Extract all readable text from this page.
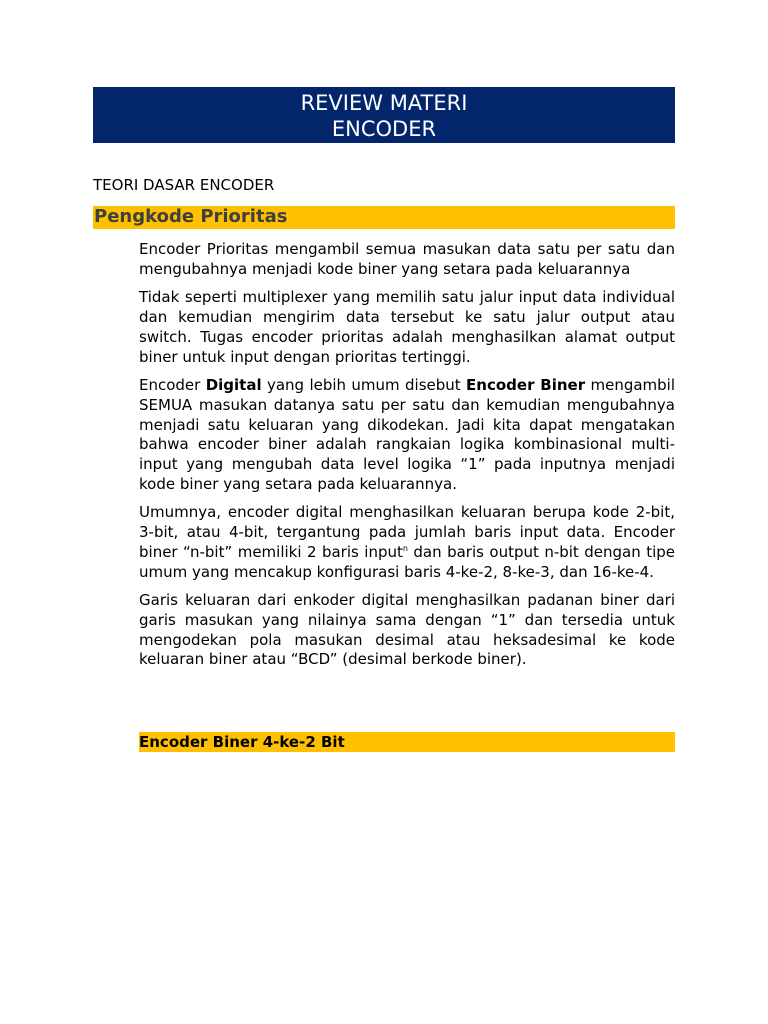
REVIEW MATERI
ENCODER
TEORI DASAR ENCODER
Pengkode Prioritas

Encoder Prioritas mengambil semua masukan data satu per satu dan mengubahnya menjadi kode biner yang setara pada keluarannya

Tidak seperti multiplexer yang memilih satu jalur input data individual dan kemudian mengirim data tersebut ke satu jalur output atau switch. Tugas encoder prioritas adalah menghasilkan alamat output biner untuk input dengan prioritas tertinggi.

Encoder Digital yang lebih umum disebut Encoder Biner mengambil SEMUA masukan datanya satu per satu dan kemudian mengubahnya menjadi satu keluaran yang dikodekan. Jadi kita dapat mengatakan bahwa encoder biner adalah rangkaian logika kombinasional multi-input yang mengubah data level logika “1” pada inputnya menjadi kode biner yang setara pada keluarannya.

Umumnya, encoder digital menghasilkan keluaran berupa kode 2-bit, 3-bit, atau 4-bit, tergantung pada jumlah baris input data. Encoder biner “n-bit” memiliki 2 baris input$^n$ dan baris output n-bit dengan tipe umum yang mencakup konfigurasi baris 4-ke-2, 8-ke-3, dan 16-ke-4.

Garis keluaran dari enkoder digital menghasilkan padanan biner dari garis masukan yang nilainya sama dengan “1” dan tersedia untuk mengodekan pola masukan desimal atau heksadesimal ke kode keluaran biner atau “BCD” (desimal berkode biner).

Encoder Biner 4-ke-2 Bit
